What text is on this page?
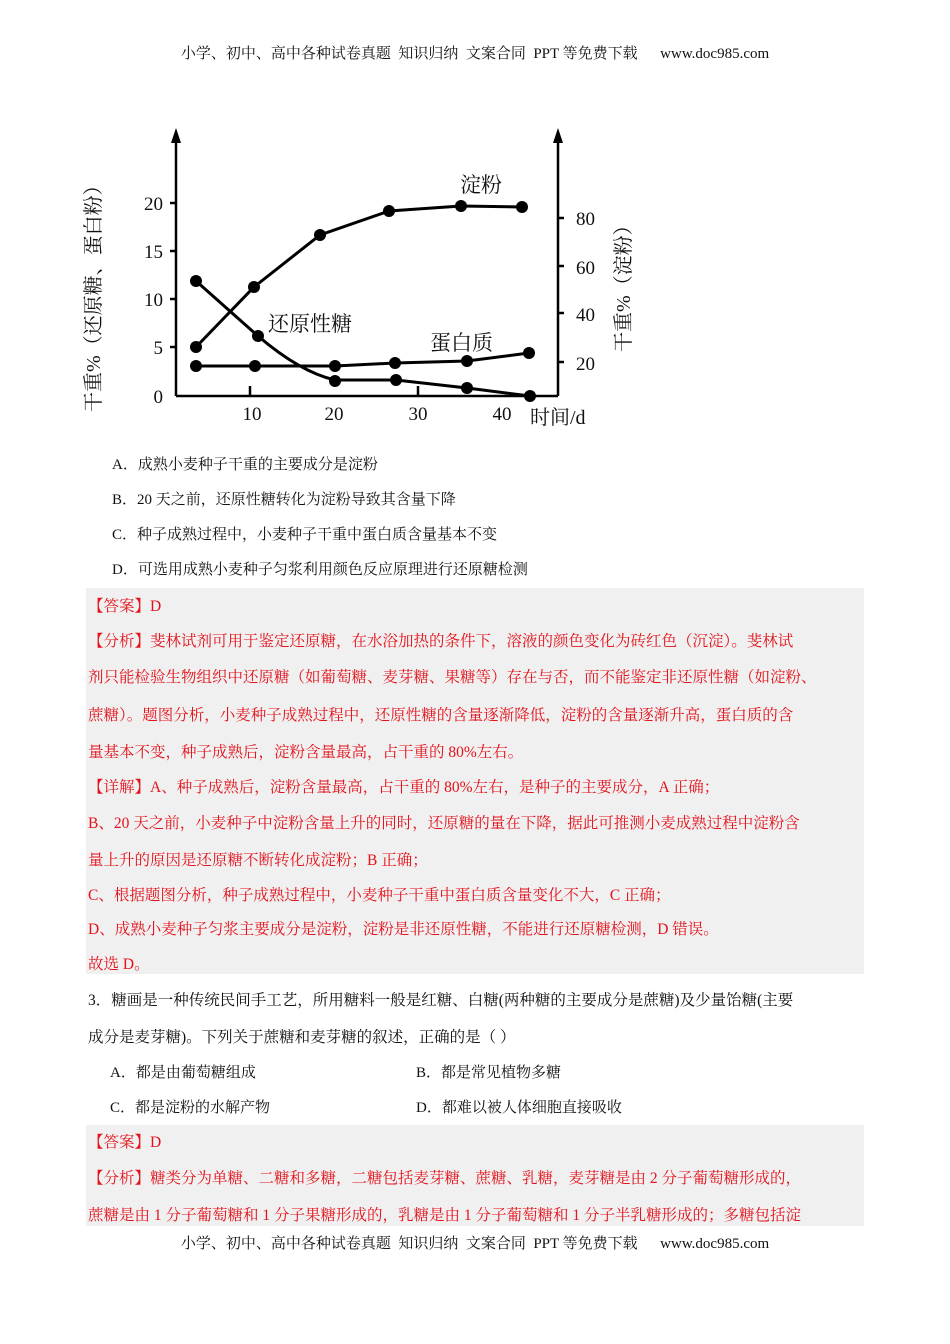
小学、初中、高中各种试卷真题  知识归纳  文案合同  PPT 等免费下载      www.doc985.com
20
15
10
5
0
10	20	30	40
80
60
40
20
时间/d
干重%（还原糖、蛋白粉）	干重%（淀粉）
淀粉
还原性糖
蛋白质
A．成熟小麦种子干重的主要成分是淀粉
B．20 天之前，还原性糖转化为淀粉导致其含量下降
C．种子成熟过程中，小麦种子干重中蛋白质含量基本不变
D．可选用成熟小麦种子匀浆利用颜色反应原理进行还原糖检测
【答案】D
【分析】斐林试剂可用于鉴定还原糖，在水浴加热的条件下，溶液的颜色变化为砖红色（沉淀）。斐林试
剂只能检验生物组织中还原糖（如葡萄糖、麦芽糖、果糖等）存在与否，而不能鉴定非还原性糖（如淀粉、
蔗糖）。题图分析，小麦种子成熟过程中，还原性糖的含量逐渐降低，淀粉的含量逐渐升高，蛋白质的含
量基本不变，种子成熟后，淀粉含量最高，占干重的 80%左右。
【详解】A、种子成熟后，淀粉含量最高，占干重的 80%左右，是种子的主要成分，A 正确；
B、20 天之前，小麦种子中淀粉含量上升的同时，还原糖的量在下降，据此可推测小麦成熟过程中淀粉含
量上升的原因是还原糖不断转化成淀粉；B 正确；
C、根据题图分析，种子成熟过程中，小麦种子干重中蛋白质含量变化不大，C 正确；
D、成熟小麦种子匀浆主要成分是淀粉，淀粉是非还原性糖，不能进行还原糖检测，D 错误。
故选 D。
3．糖画是一种传统民间手工艺，所用糖料一般是红糖、白糖(两种糖的主要成分是蔗糖)及少量饴糖(主要
成分是麦芽糖)。下列关于蔗糖和麦芽糖的叙述，正确的是（ ）
A．都是由葡萄糖组成	B．都是常见植物多糖
C．都是淀粉的水解产物	D．都难以被人体细胞直接吸收
【答案】D
【分析】糖类分为单糖、二糖和多糖，二糖包括麦芽糖、蔗糖、乳糖，麦芽糖是由 2 分子葡萄糖形成的，
蔗糖是由 1 分子葡萄糖和 1 分子果糖形成的，乳糖是由 1 分子葡萄糖和 1 分子半乳糖形成的；多糖包括淀
小学、初中、高中各种试卷真题  知识归纳  文案合同  PPT 等免费下载      www.doc985.com
